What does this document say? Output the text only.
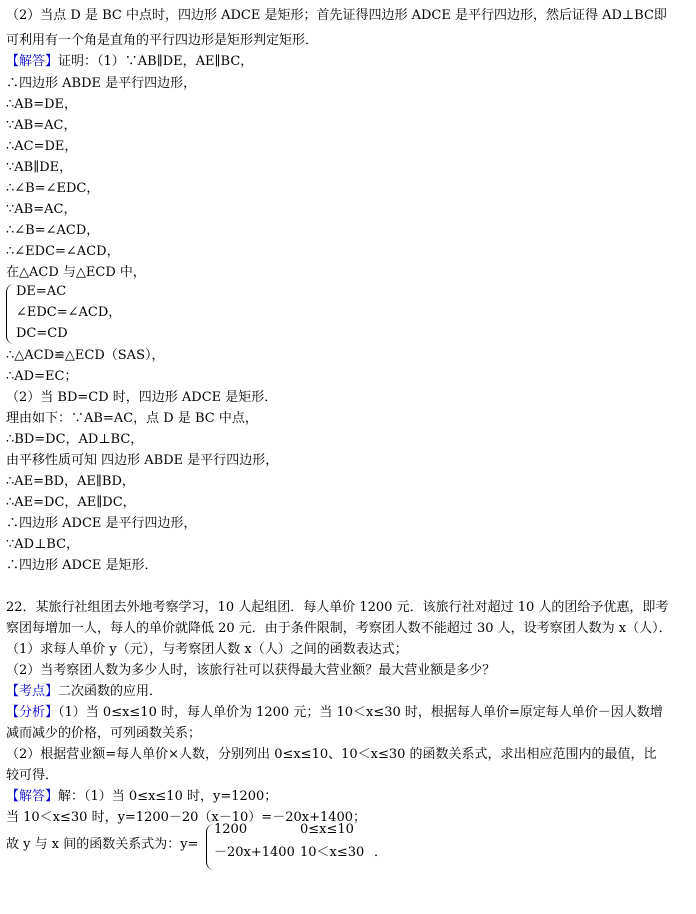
（2）当点 D 是 BC 中点时，四边形 ADCE 是矩形；首先证得四边形 ADCE 是平行四边形，然后证得 AD⊥BC即
可利用有一个角是直角的平行四边形是矩形判定矩形．
【解答】证明：（1）∵AB∥DE，AE∥BC，
∴四边形 ABDE 是平行四边形，
∴AB=DE，
∵AB=AC，
∴AC=DE，
∵AB∥DE，
∴∠B=∠EDC，
∵AB=AC，
∴∠B=∠ACD，
∴∠EDC=∠ACD，
在△ACD 与△ECD 中，
DE=AC
∠EDC=∠ACD，
DC=CD
∴△ACD≌△ECD（SAS），
∴AD=EC；
（2）当 BD=CD 时，四边形 ADCE 是矩形．
理由如下：∵AB=AC，点 D 是 BC 中点，
∴BD=DC，AD⊥BC，
由平移性质可知 四边形 ABDE 是平行四边形，
∴AE=BD，AE∥BD，
∴AE=DC，AE∥DC，
∴四边形 ADCE 是平行四边形，
∵AD⊥BC，
∴四边形 ADCE 是矩形．
22．某旅行社组团去外地考察学习，10 人起组团．每人单价 1200 元．该旅行社对超过 10 人的团给予优惠，即考
察团每增加一人，每人的单价就降低 20 元．由于条件限制，考察团人数不能超过 30 人，设考察团人数为 x（人）．
（1）求每人单价 y（元），与考察团人数 x（人）之间的函数表达式；
（2）当考察团人数为多少人时，该旅行社可以获得最大营业额？最大营业额是多少？
【考点】二次函数的应用．
【分析】（1）当 0≤x≤10 时，每人单价为 1200 元；当 10＜x≤30 时，根据每人单价=原定每人单价－因人数增
减而减少的价格，可列函数关系；
（2）根据营业额=每人单价×人数，分别列出 0≤x≤10、10＜x≤30 的函数关系式，求出相应范围内的最值，比
较可得．
【解答】解：（1）当 0≤x≤10 时，y=1200；
当 10＜x≤30 时，y=1200－20（x－10）=－20x+1400；
故 y 与 x 间的函数关系式为：y=
1200	0≤x≤10
－20x+1400 10＜x≤30 ．
